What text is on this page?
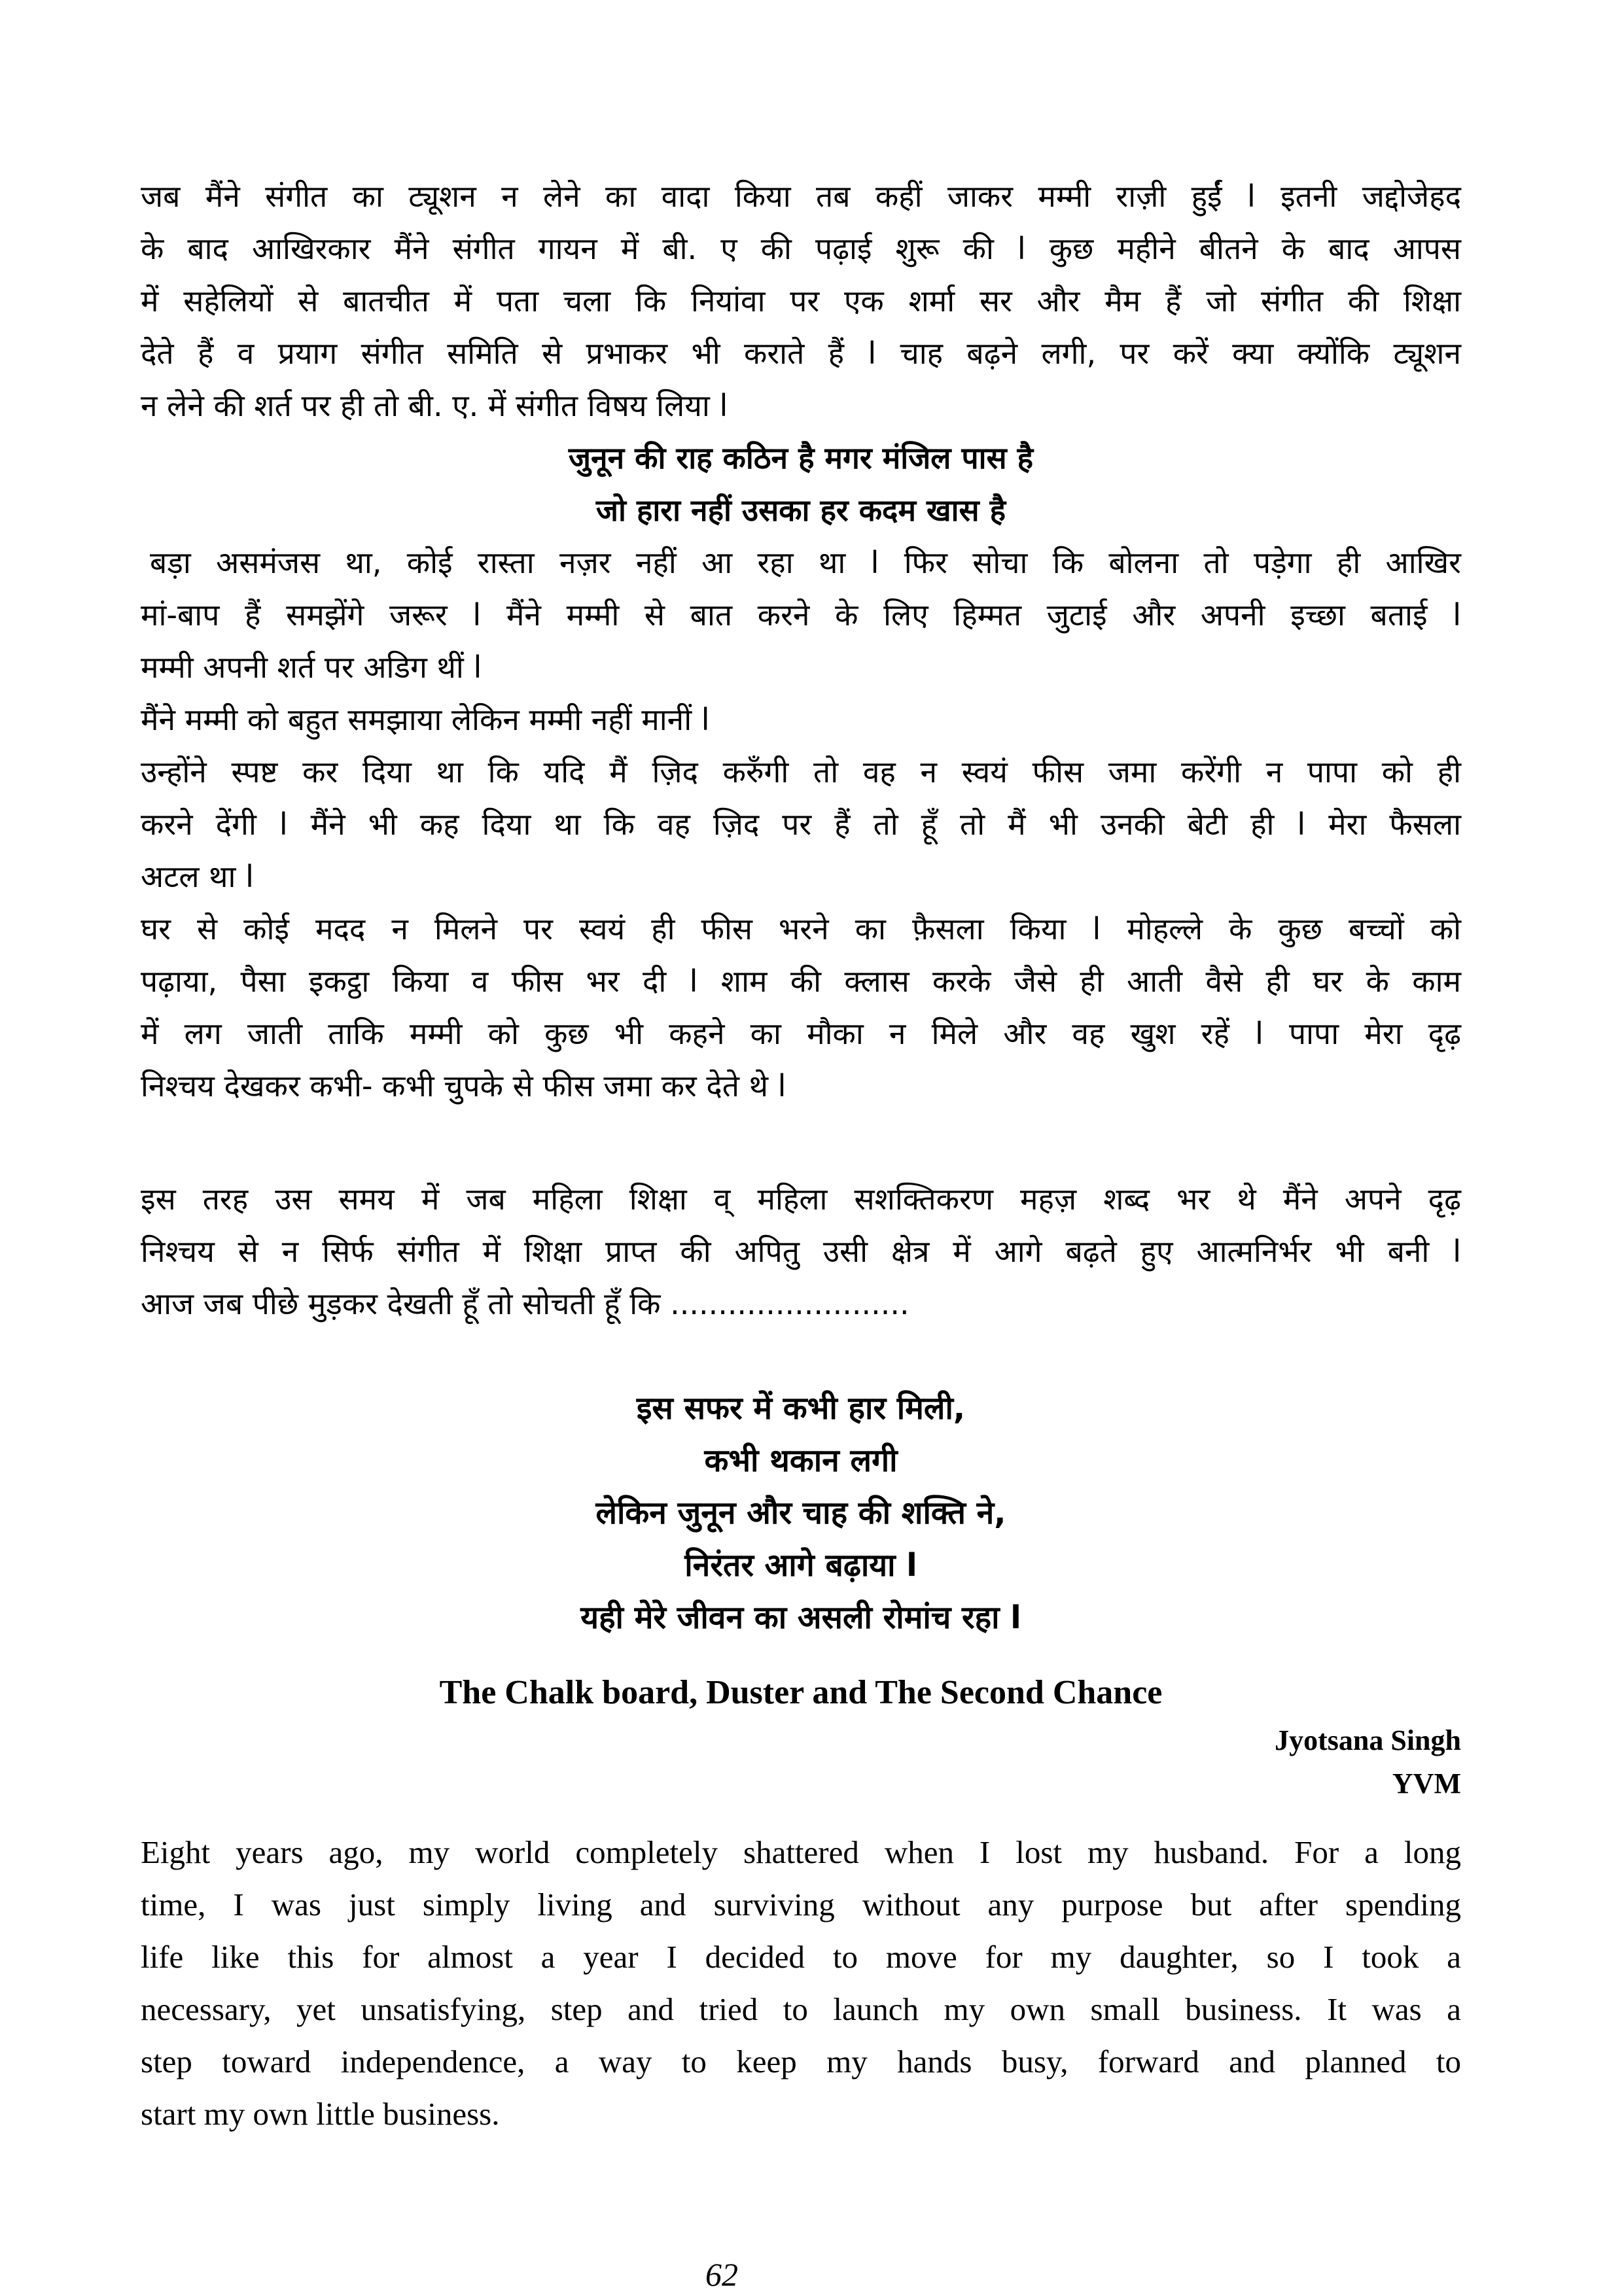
जब मैंने संगीत का ट्यूशन न लेने का वादा किया तब कहीं जाकर मम्मी राज़ी हुईं l इतनी जद्दोजेहद
के बाद आखिरकार मैंने संगीत गायन में बी. ए की पढ़ाई शुरू की l कुछ महीने बीतने के बाद आपस
में सहेलियों से बातचीत में पता चला कि नियांवा पर एक शर्मा सर और मैम हैं जो संगीत की शिक्षा
देते हैं व प्रयाग संगीत समिति से प्रभाकर भी कराते हैं l चाह बढ़ने लगी, पर करें क्या क्योंकि ट्यूशन
न लेने की शर्त पर ही तो बी. ए. में संगीत विषय लिया l
जुनून की राह कठिन है मगर मंजिल पास है
जो हारा नहीं उसका हर कदम खास है
बड़ा असमंजस था, कोई रास्ता नज़र नहीं आ रहा था l फिर सोचा कि बोलना तो पड़ेगा ही आखिर
मां-बाप हैं समझेंगे जरूर l मैंने मम्मी से बात करने के लिए हिम्मत जुटाई और अपनी इच्छा बताई l
मम्मी अपनी शर्त पर अडिग थीं l
मैंने मम्मी को बहुत समझाया लेकिन मम्मी नहीं मानीं l
उन्होंने स्पष्ट कर दिया था कि यदि मैं ज़िद करुँगी तो वह न स्वयं फीस जमा करेंगी न पापा को ही
करने देंगी l मैंने भी कह दिया था कि वह ज़िद पर हैं तो हूँ तो मैं भी उनकी बेटी ही l मेरा फैसला
अटल था l
घर से कोई मदद न मिलने पर स्वयं ही फीस भरने का फ़ैसला किया l मोहल्ले के कुछ बच्चों को
पढ़ाया, पैसा इकट्ठा किया व फीस भर दी l शाम की क्लास करके जैसे ही आती वैसे ही घर के काम
में लग जाती ताकि मम्मी को कुछ भी कहने का मौका न मिले और वह खुश रहें l पापा मेरा दृढ़
निश्चय देखकर कभी- कभी चुपके से फीस जमा कर देते थे l
इस तरह उस समय में जब महिला शिक्षा व् महिला सशक्तिकरण महज़ शब्द भर थे मैंने अपने दृढ़
निश्चय से न सिर्फ संगीत में शिक्षा प्राप्त की अपितु उसी क्षेत्र में आगे बढ़ते हुए आत्मनिर्भर भी बनी l
आज जब पीछे मुड़कर देखती हूँ तो सोचती हूँ कि .........................
इस सफर में कभी हार मिली,
कभी थकान लगी
लेकिन जुनून और चाह की शक्ति ने,
निरंतर आगे बढ़ाया l
यही मेरे जीवन का असली रोमांच रहा l
The Chalk board, Duster and The Second Chance
Jyotsana Singh
YVM
Eight years ago, my world completely shattered when I lost my husband. For a long
time, I was just simply living and surviving without any purpose but after spending
life like this for almost a year I decided to move for my daughter, so I took a
necessary, yet unsatisfying, step and tried to launch my own small business. It was a
step toward independence, a way to keep my hands busy, forward and planned to
start my own little business.
62
